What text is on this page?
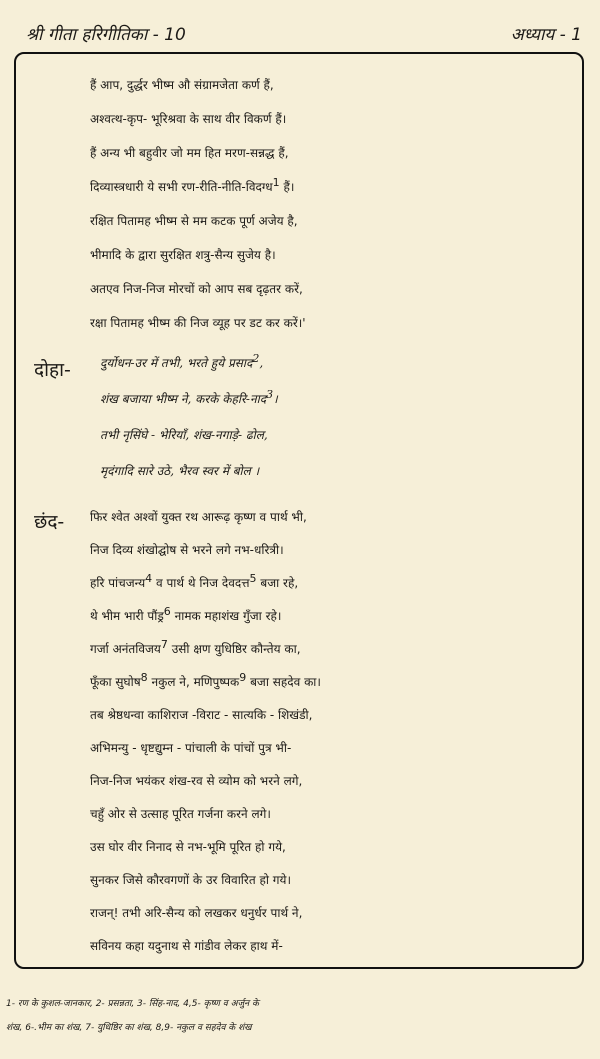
श्री गीता हरिगीतिका - 10	अध्याय - 1
हैं आप, दुर्द्धर भीष्म औ संग्रामजेता कर्ण हैं,
अश्वत्थ-कृप- भूरिश्रवा के साथ वीर विकर्ण हैं।
हैं अन्य भी बहुवीर जो मम हित मरण-सन्नद्ध हैं,
दिव्यास्त्रधारी ये सभी रण-रीति-नीति-विदग्ध$^1$ हैं।
रक्षित पितामह भीष्म से मम कटक पूर्ण अजेय है,
भीमादि के द्वारा सुरक्षित शत्रु-सैन्य सुजेय है।
अतएव निज-निज मोरचों को आप सब दृढ़तर करें,
रक्षा पितामह भीष्म की निज व्यूह पर डट कर करें।'
दोहा- दुर्योधन-उर में तभी, भरते हुये प्रसाद$^2$,
शंख बजाया भीष्म ने, करके केहरि-नाद$^3$।
तभी नृसिंघे - भेरियाँ, शंख-नगाड़े- ढोल,
मृदंगादि सारे उठे, भैरव स्वर में बोल ।
छंद- फिर श्वेत अश्वों युक्त रथ आरूढ़ कृष्ण व पार्थ भी,
निज दिव्य शंखोद्घोष से भरने लगे नभ-धरित्री।
हरि पांचजन्य$^4$ व पार्थ थे निज देवदत्त$^5$ बजा रहे,
थे भीम भारी पौंड्र$^6$ नामक महाशंख गुँजा रहे।
गर्जा अनंतविजय$^7$ उसी क्षण युधिष्ठिर कौन्तेय का,
फूँका सुघोष$^8$ नकुल ने, मणिपुष्पक$^9$ बजा सहदेव का।
तब श्रेष्ठधन्वा काशिराज -विराट - सात्यकि - शिखंडी,
अभिमन्यु - धृष्टद्युम्न - पांचाली के पांचों पुत्र भी-
निज-निज भयंकर शंख-रव से व्योम को भरने लगे,
चहुँ ओर से उत्साह पूरित गर्जना करने लगे।
उस घोर वीर निनाद से नभ-भूमि पूरित हो गये,
सुनकर जिसे कौरवगणों के उर विवारित हो गये।
राजन्! तभी अरि-सैन्य को लखकर धनुर्धर पार्थ ने,
सविनय कहा यदुनाथ से गांडीव लेकर हाथ में-
1- रण के कुशल-जानकार, 2- प्रसन्नता, 3- सिंह-नाद, 4,5- कृष्ण व अर्जुन के
शंख, 6-.भीम का शंख, 7- युधिष्ठिर का शंख, 8,9- नकुल व सहदेव के शंख
